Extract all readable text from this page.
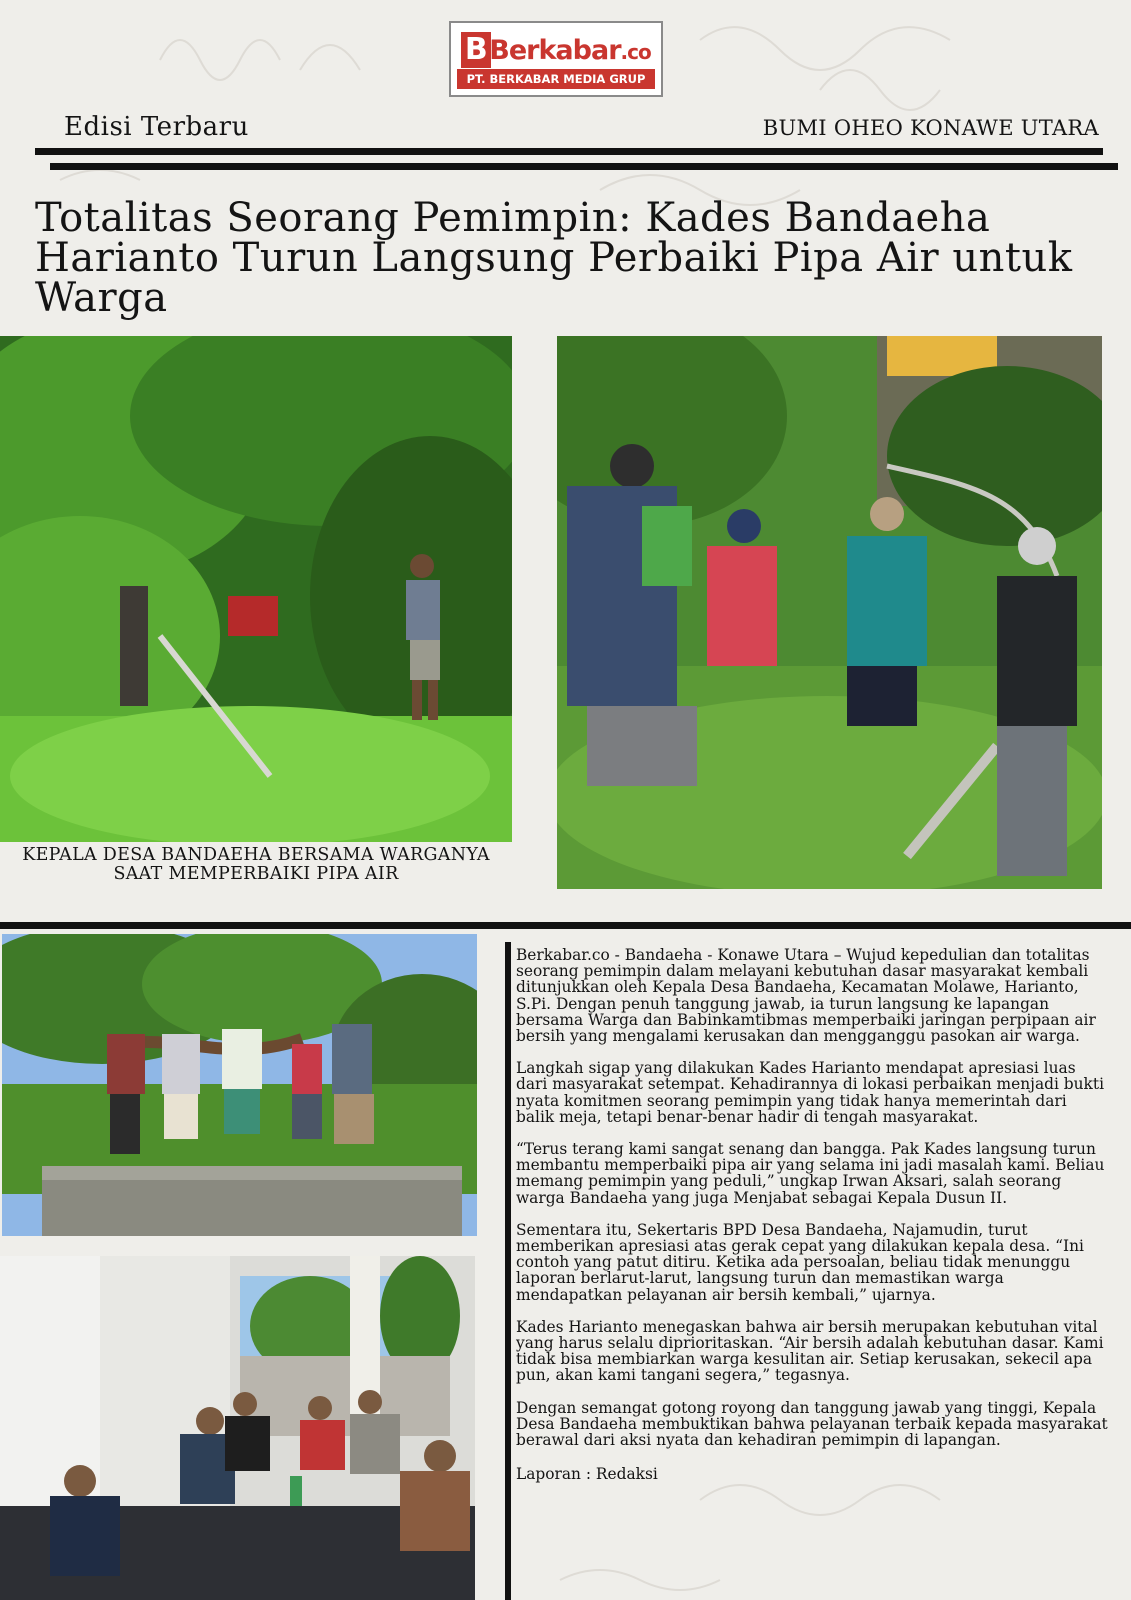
B Berkabar.co
PT. BERKABAR MEDIA GRUP
Edisi Terbaru	BUMI OHEO KONAWE UTARA
Totalitas Seorang Pemimpin: Kades Bandaeha Harianto Turun Langsung Perbaiki Pipa Air untuk Warga
KEPALA DESA BANDAEHA BERSAMA WARGANYA
SAAT MEMPERBAIKI PIPA AIR

Berkabar.co - Bandaeha - Konawe Utara – Wujud kepedulian dan totalitas seorang pemimpin dalam melayani kebutuhan dasar masyarakat kembali ditunjukkan oleh Kepala Desa Bandaeha, Kecamatan Molawe, Harianto, S.Pi. Dengan penuh tanggung jawab, ia turun langsung ke lapangan bersama Warga dan Babinkamtibmas memperbaiki jaringan perpipaan air bersih yang mengalami kerusakan dan mengganggu pasokan air warga.

Langkah sigap yang dilakukan Kades Harianto mendapat apresiasi luas dari masyarakat setempat. Kehadirannya di lokasi perbaikan menjadi bukti nyata komitmen seorang pemimpin yang tidak hanya memerintah dari balik meja, tetapi benar-benar hadir di tengah masyarakat.

“Terus terang kami sangat senang dan bangga. Pak Kades langsung turun membantu memperbaiki pipa air yang selama ini jadi masalah kami. Beliau memang pemimpin yang peduli,” ungkap Irwan Aksari, salah seorang warga Bandaeha yang juga Menjabat sebagai Kepala Dusun II.

Sementara itu, Sekertaris BPD Desa Bandaeha, Najamudin, turut memberikan apresiasi atas gerak cepat yang dilakukan kepala desa. “Ini contoh yang patut ditiru. Ketika ada persoalan, beliau tidak menunggu laporan berlarut-larut, langsung turun dan memastikan warga mendapatkan pelayanan air bersih kembali,” ujarnya.

Kades Harianto menegaskan bahwa air bersih merupakan kebutuhan vital yang harus selalu diprioritaskan. “Air bersih adalah kebutuhan dasar. Kami tidak bisa membiarkan warga kesulitan air. Setiap kerusakan, sekecil apa pun, akan kami tangani segera,” tegasnya.

Dengan semangat gotong royong dan tanggung jawab yang tinggi, Kepala Desa Bandaeha membuktikan bahwa pelayanan terbaik kepada masyarakat berawal dari aksi nyata dan kehadiran pemimpin di lapangan.

Laporan : Redaksi
